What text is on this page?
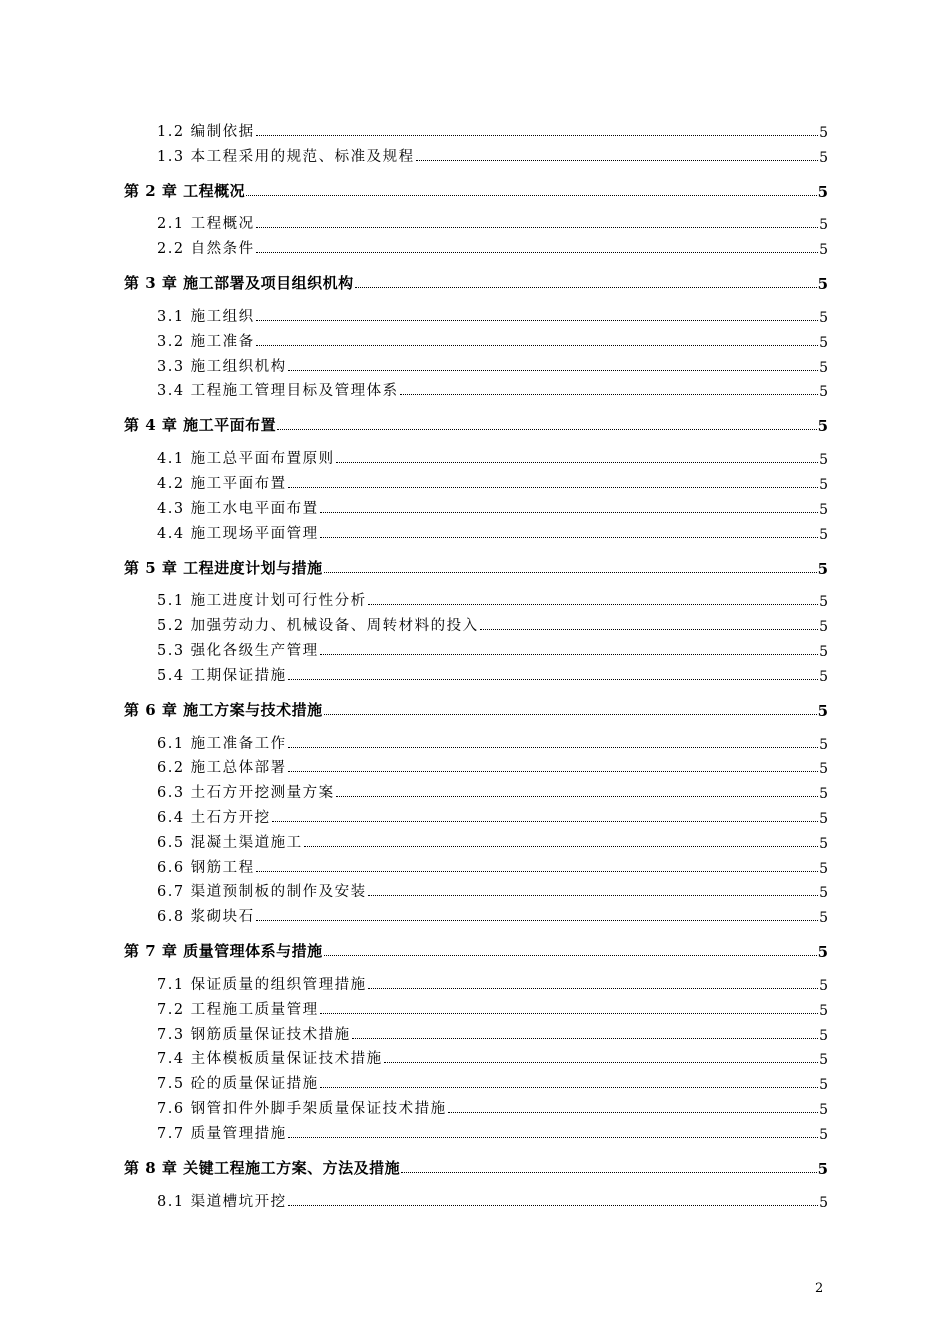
1.2 编制依据	5
1.3 本工程采用的规范、标准及规程	5
第 2 章 工程概况	5
2.1 工程概况	5
2.2 自然条件	5
第 3 章 施工部署及项目组织机构	5
3.1 施工组织	5
3.2 施工准备	5
3.3 施工组织机构	5
3.4 工程施工管理目标及管理体系	5
第 4 章 施工平面布置	5
4.1 施工总平面布置原则	5
4.2 施工平面布置	5
4.3 施工水电平面布置	5
4.4 施工现场平面管理	5
第 5 章 工程进度计划与措施	5
5.1 施工进度计划可行性分析	5
5.2 加强劳动力、机械设备、周转材料的投入	5
5.3 强化各级生产管理	5
5.4 工期保证措施	5
第 6 章 施工方案与技术措施	5
6.1 施工准备工作	5
6.2 施工总体部署	5
6.3 土石方开挖测量方案	5
6.4 土石方开挖	5
6.5 混凝土渠道施工	5
6.6 钢筋工程	5
6.7 渠道预制板的制作及安装	5
6.8 浆砌块石	5
第 7 章 质量管理体系与措施	5
7.1 保证质量的组织管理措施	5
7.2 工程施工质量管理	5
7.3 钢筋质量保证技术措施	5
7.4 主体模板质量保证技术措施	5
7.5 砼的质量保证措施	5
7.6 钢管扣件外脚手架质量保证技术措施	5
7.7 质量管理措施	5
第 8 章 关键工程施工方案、方法及措施	5
8.1 渠道槽坑开挖	5
2
